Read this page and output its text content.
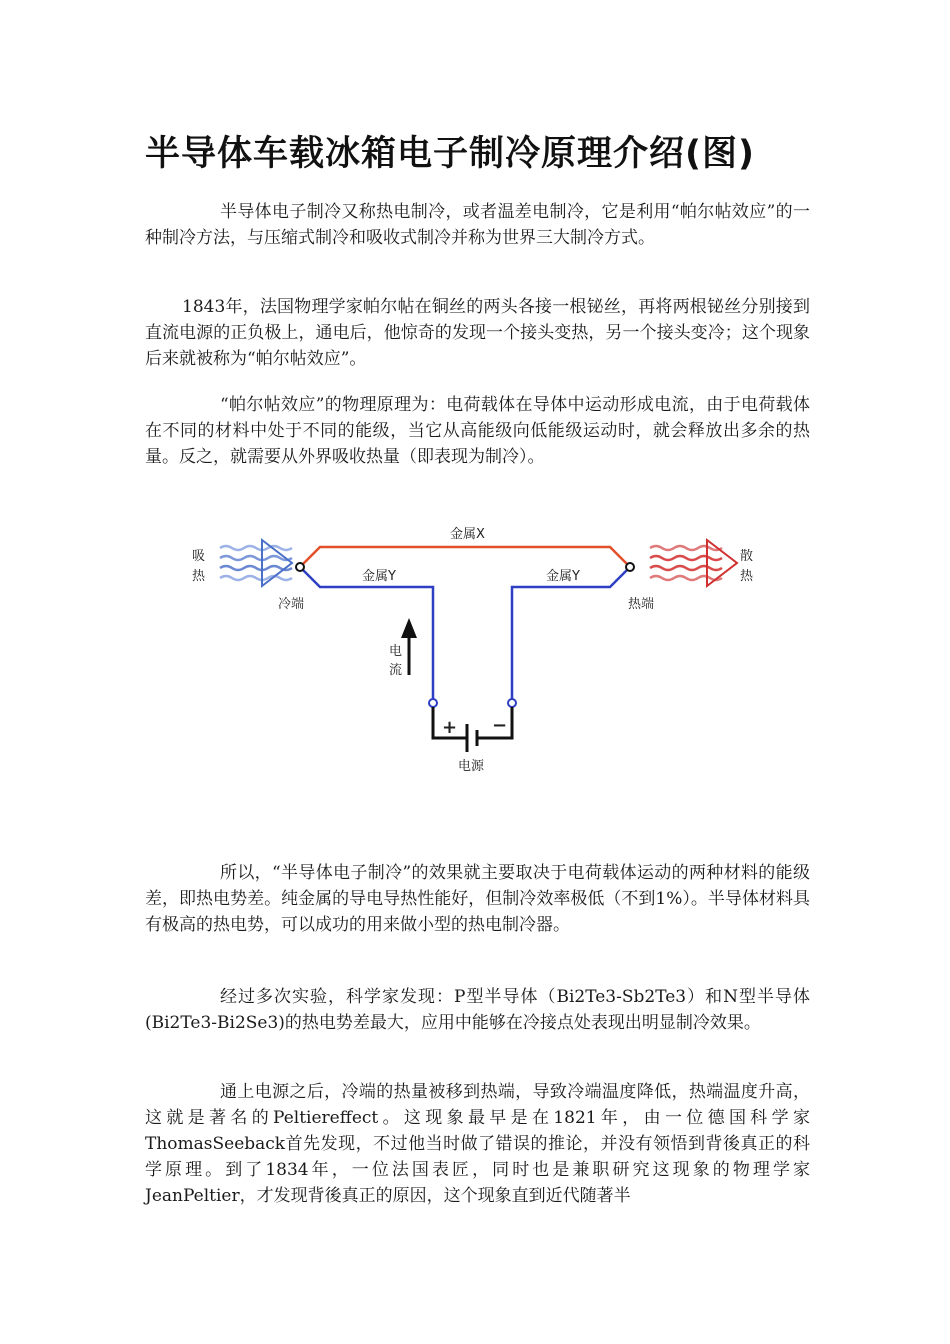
半导体车载冰箱电子制冷原理介绍(图)

半导体电子制冷又称热电制冷，或者温差电制冷，它是利用“帕尔帖效应”的一种制冷方法，与压缩式制冷和吸收式制冷并称为世界三大制冷方式。

1843年，法国物理学家帕尔帖在铜丝的两头各接一根铋丝，再将两根铋丝分别接到直流电源的正负极上，通电后，他惊奇的发现一个接头变热，另一个接头变冷；这个现象后来就被称为“帕尔帖效应”。

“帕尔帖效应”的物理原理为：电荷载体在导体中运动形成电流，由于电荷载体在不同的材料中处于不同的能级，当它从高能级向低能级运动时，就会释放出多余的热量。反之，就需要从外界吸收热量（即表现为制冷）。

金属X
金属Y	金属Y
吸
热
散
热
冷端	热端
电
流
+ −
电源

所以，“半导体电子制冷”的效果就主要取决于电荷载体运动的两种材料的能级差，即热电势差。纯金属的导电导热性能好，但制冷效率极低（不到1%）。半导体材料具有极高的热电势，可以成功的用来做小型的热电制冷器。

经过多次实验，科学家发现：P型半导体（Bi2Te3-Sb2Te3）和N型半导体(Bi2Te3-Bi2Se3)的热电势差最大，应用中能够在冷接点处表现出明显制冷效果。

通上电源之后，冷端的热量被移到热端，导致冷端温度降低，热端温度升高，这就是著名的Peltiereffect。这现象最早是在1821年，由一位德国科学家ThomasSeeback首先发现，不过他当时做了错误的推论，并没有领悟到背後真正的科学原理。到了1834年，一位法国表匠，同时也是兼职研究这现象的物理学家JeanPeltier，才发现背後真正的原因，这个现象直到近代随著半
